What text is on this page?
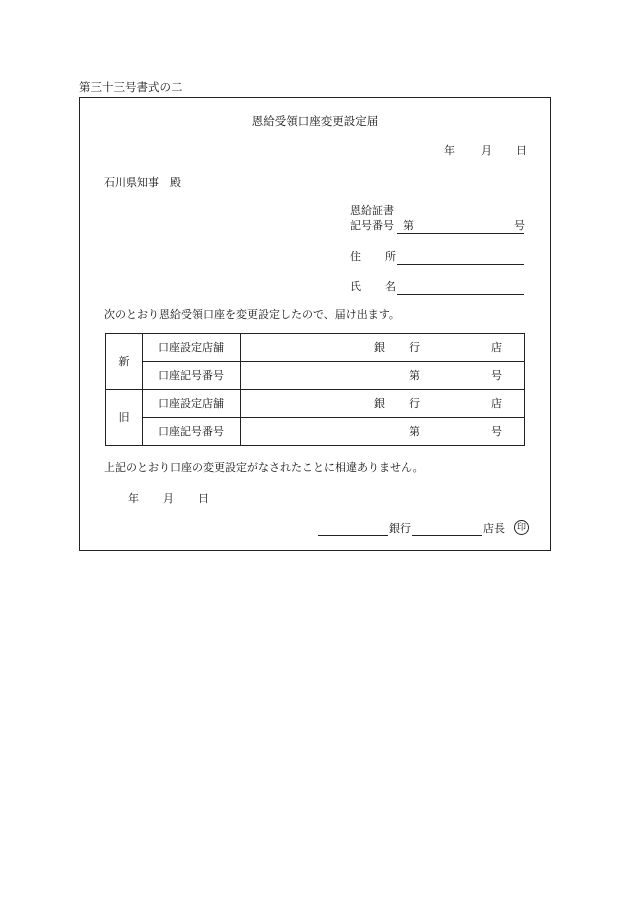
第三十三号書式の二
恩給受領口座変更設定届
年 月 日
石川県知事　殿
恩給証書
記号番号 第	号
住 所
氏 名
次のとおり恩給受領口座を変更設定したので、届け出ます。
新	口座設定店舗	銀 行 店

	口座記号番号	第 号

旧	口座設定店舗	銀 行 店

	口座記号番号	第 号
上記のとおり口座の変更設定がなされたことに相違ありません。
年 月 日
銀行	店長	印
